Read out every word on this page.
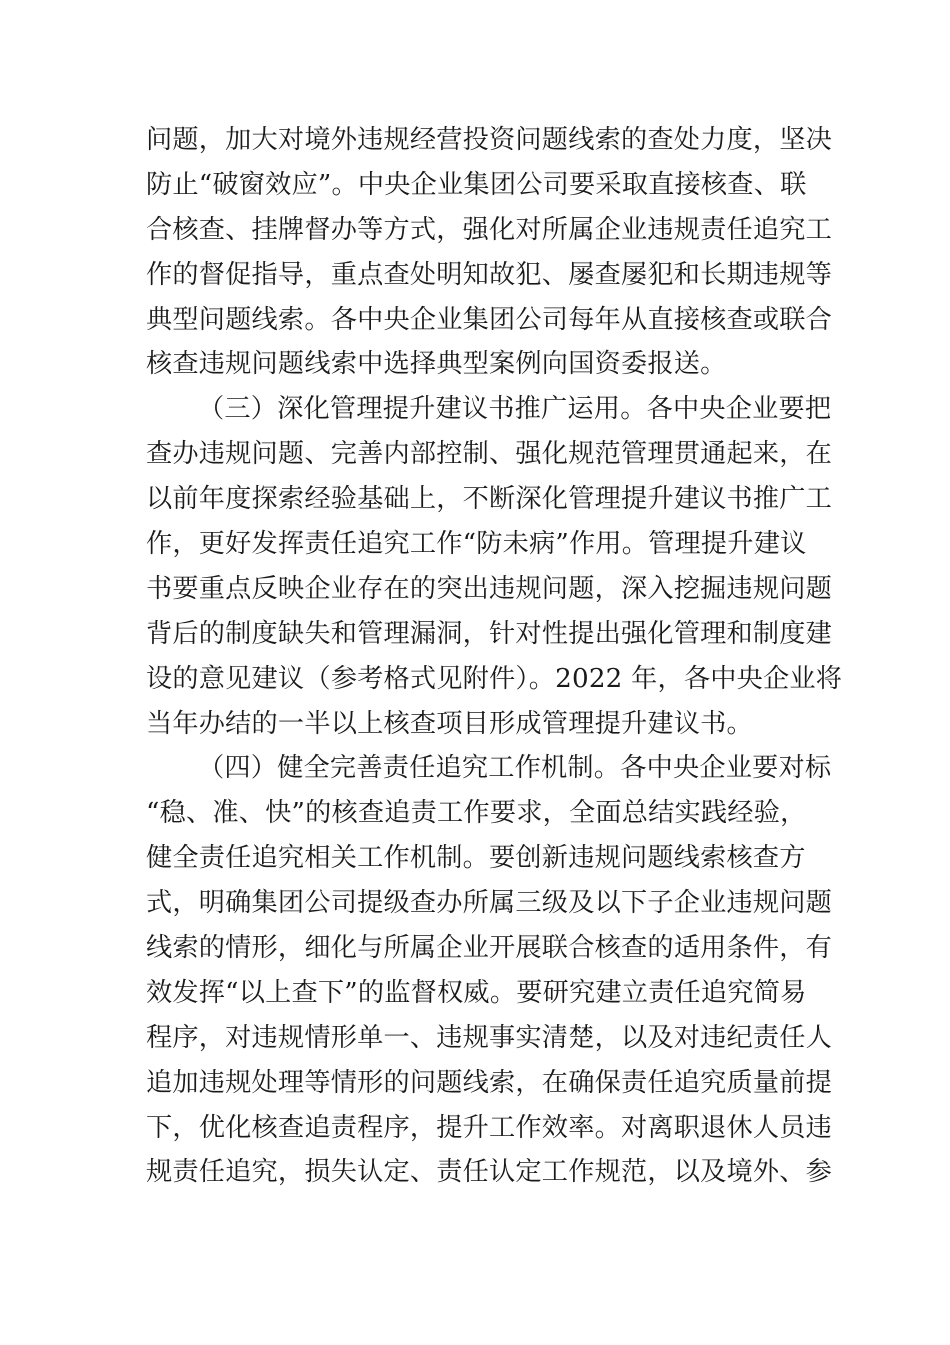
问题，加大对境外违规经营投资问题线索的查处力度，坚决
防止“破窗效应”。中央企业集团公司要采取直接核查、联
合核查、挂牌督办等方式，强化对所属企业违规责任追究工
作的督促指导，重点查处明知故犯、屡查屡犯和长期违规等
典型问题线索。各中央企业集团公司每年从直接核查或联合
核查违规问题线索中选择典型案例向国资委报送。
（三）深化管理提升建议书推广运用。各中央企业要把
查办违规问题、完善内部控制、强化规范管理贯通起来，在
以前年度探索经验基础上，不断深化管理提升建议书推广工
作，更好发挥责任追究工作“防未病”作用。管理提升建议
书要重点反映企业存在的突出违规问题，深入挖掘违规问题
背后的制度缺失和管理漏洞，针对性提出强化管理和制度建
设的意见建议（参考格式见附件）。2022 年，各中央企业将
当年办结的一半以上核查项目形成管理提升建议书。
（四）健全完善责任追究工作机制。各中央企业要对标
“稳、准、快”的核查追责工作要求，全面总结实践经验，
健全责任追究相关工作机制。要创新违规问题线索核查方
式，明确集团公司提级查办所属三级及以下子企业违规问题
线索的情形，细化与所属企业开展联合核查的适用条件，有
效发挥“以上查下”的监督权威。要研究建立责任追究简易
程序，对违规情形单一、违规事实清楚，以及对违纪责任人
追加违规处理等情形的问题线索，在确保责任追究质量前提
下，优化核查追责程序，提升工作效率。对离职退休人员违
规责任追究，损失认定、责任认定工作规范，以及境外、参
